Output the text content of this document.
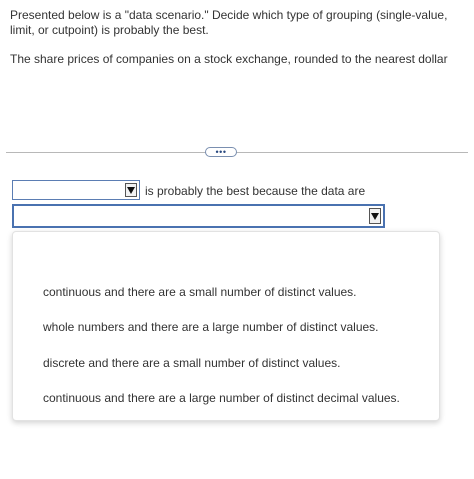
Presented below is a "data scenario." Decide which type of grouping (single-value, limit, or cutpoint) is probably the best.
The share prices of companies on a stock exchange, rounded to the nearest dollar
•••
is probably the best because the data are
continuous and there are a small number of distinct values.
whole numbers and there are a large number of distinct values.
discrete and there are a small number of distinct values.
continuous and there are a large number of distinct decimal values.
